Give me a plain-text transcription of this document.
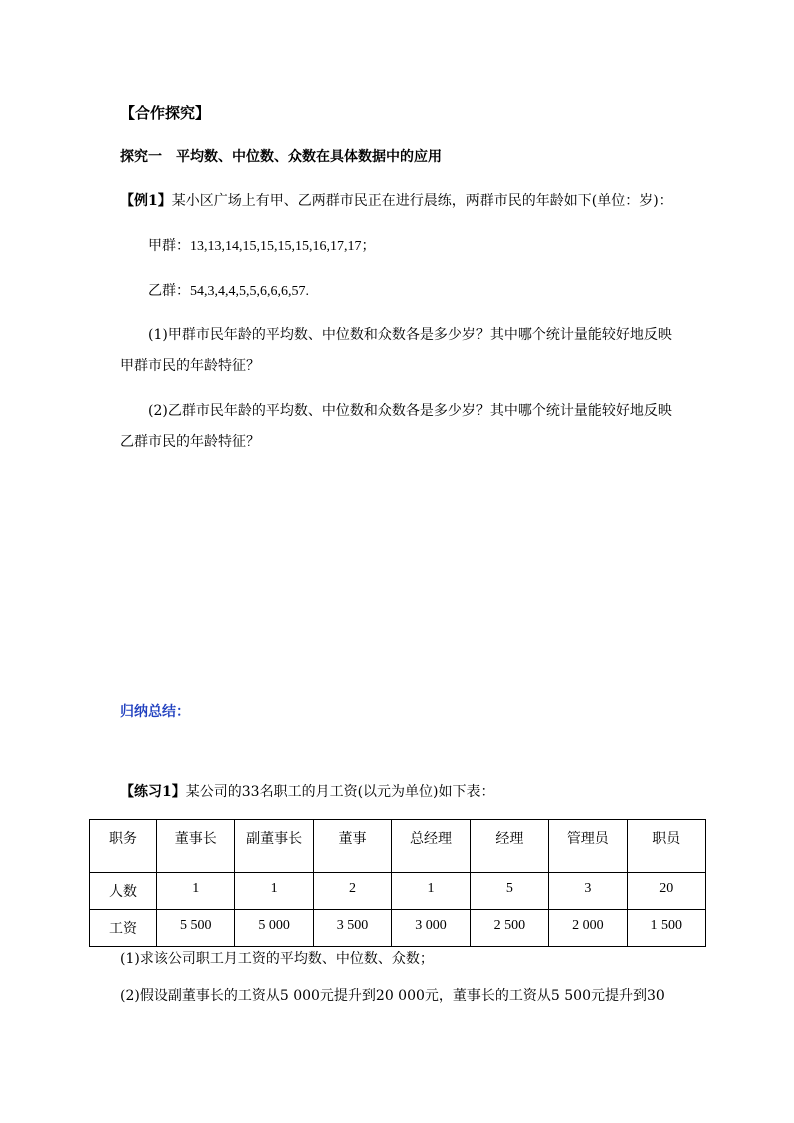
【合作探究】
探究一　平均数、中位数、众数在具体数据中的应用
【例1】某小区广场上有甲、乙两群市民正在进行晨练，两群市民的年龄如下(单位：岁)：
甲群：13,13,14,15,15,15,15,16,17,17；
乙群：54,3,4,4,5,5,6,6,6,57.
(1)甲群市民年龄的平均数、中位数和众数各是多少岁？其中哪个统计量能较好地反映
甲群市民的年龄特征？
(2)乙群市民年龄的平均数、中位数和众数各是多少岁？其中哪个统计量能较好地反映
乙群市民的年龄特征？
归纳总结：
【练习1】某公司的33名职工的月工资(以元为单位)如下表：
职务	董事长	副董事长	董事	总经理	经理	管理员	职员
人数	1	1	2	1	5	3	20
工资	5 500	5 000	3 500	3 000	2 500	2 000	1 500
(1)求该公司职工月工资的平均数、中位数、众数；
(2)假设副董事长的工资从5 000元提升到20 000元，董事长的工资从5 500元提升到30
